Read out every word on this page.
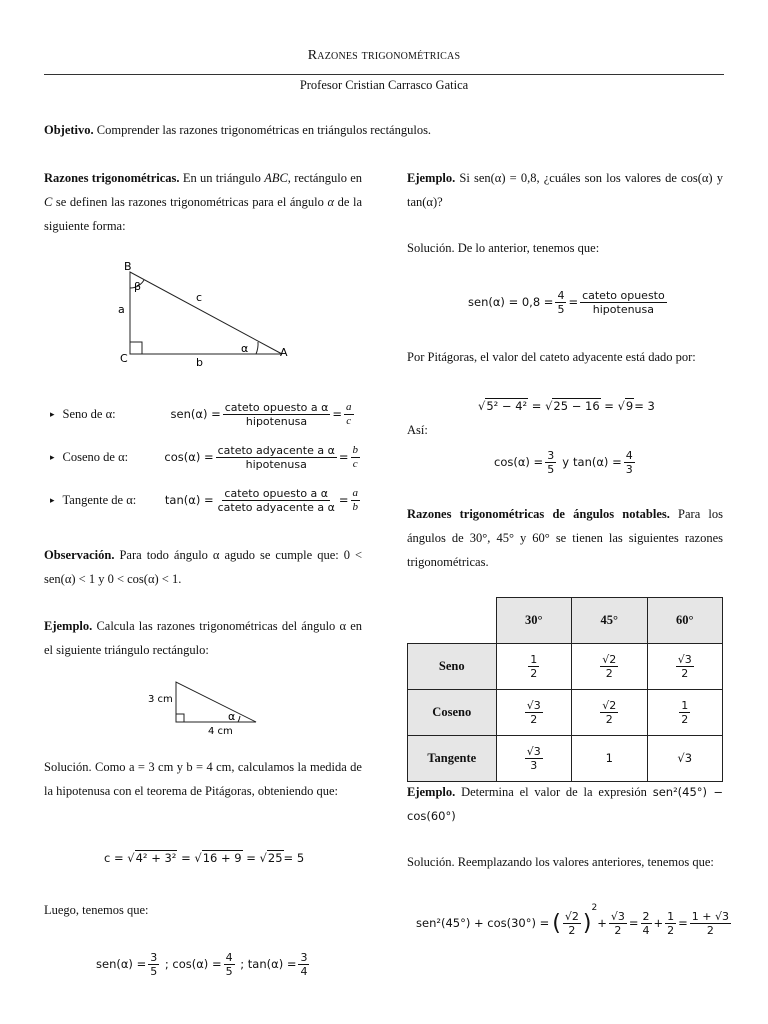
Razones trigonométricas
Profesor Cristian Carrasco Gatica
Objetivo. Comprender las razones trigonométricas en triángulos rectángulos.
Razones trigonométricas. En un triángulo ABC, rectángulo en C se definen las razones trigonométricas para el ángulo α de la siguiente forma:
B
C	A
a
b
c
β
α
▸ Seno de α:	$sen(\alpha) = \frac{\text{cateto opuesto a α}}{\text{hipotenusa}} = \frac{a}{c}$
▸ Coseno de α:	$\cos(\alpha) = \frac{\text{cateto adyacente a α}}{\text{hipotenusa}} = \frac{b}{c}$
▸ Tangente de α:	$\tan(\alpha) = \frac{\text{cateto opuesto a α}}{\text{cateto adyacente a α}} = \frac{a}{b}$
Observación. Para todo ángulo α agudo se cumple que: 0 < sen(α) < 1 y 0 < cos(α) < 1.
Ejemplo. Calcula las razones trigonométricas del ángulo α en el siguiente triángulo rectángulo:
3 cm
4 cm
α
Solución. Como a = 3 cm y b = 4 cm, calculamos la medida de la hipotenusa con el teorema de Pitágoras, obteniendo que:
c = √ 4² + 3² = √ 16 + 9 = √ 25 = 5
Luego, tenemos que:
$sen(\alpha) = \frac{3}{5}$ ; $\cos(\alpha) = \frac{4}{5}$ ; $\tan(\alpha) = \frac{3}{4}$
Ejemplo. Si sen(α) = 0,8, ¿cuáles son los valores de cos(α) y tan(α)?
Solución. De lo anterior, tenemos que:
$sen(\alpha) = 0,8 = \frac{4}{5} = \frac{\text{cateto opuesto}}{\text{hipotenusa}}$
Por Pitágoras, el valor del cateto adyacente está dado por:
√ 5² − 4² = √ 25 − 16 = √ 9 = 3
Así:
$\cos(\alpha) = \frac{3}{5}$ y $\tan(\alpha) = \frac{4}{3}$
Razones trigonométricas de ángulos notables. Para los ángulos de 30°, 45° y 60° se tienen las siguientes razones trigonométricas.
	30°	45°	60°
Seno	$\frac{1}{2}$	$\frac{√2}{2}$	$\frac{√3}{2}$

Coseno	$\frac{√3}{2}$	$\frac{√2}{2}$	$\frac{1}{2}$

Tangente	$\frac{√3}{3}$	1	√3
Ejemplo. Determina el valor de la expresión sen²(45°) − cos(60°)
Solución. Reemplazando los valores anteriores, tenemos que:
sen²(45°) + cos(30°) = ( $\frac{√2}{2}$ )
$^2$
+ $\frac{√3}{2} = \frac{2}{4} + \frac{1}{2} = \frac{1 + √3}{2}$
